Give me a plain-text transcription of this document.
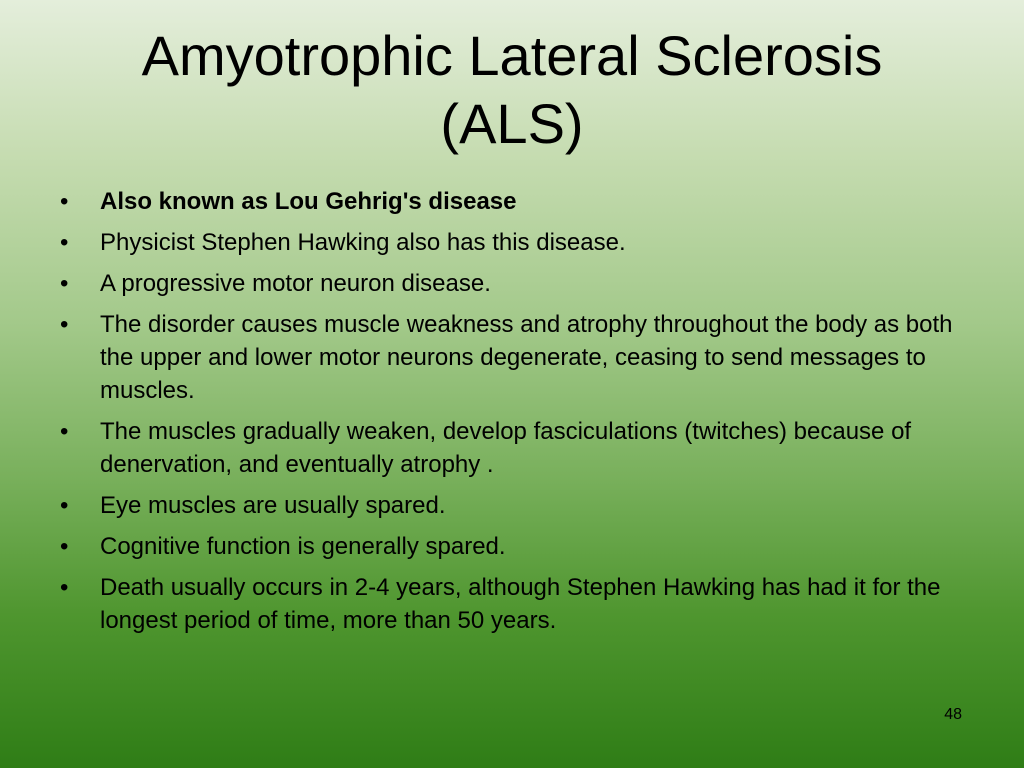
Amyotrophic Lateral Sclerosis
(ALS)
• Also known as Lou Gehrig's disease
• Physicist Stephen Hawking also has this disease.
• A progressive motor neuron disease.
• The disorder causes muscle weakness and atrophy throughout the body as both the upper and lower motor neurons degenerate, ceasing to send messages to muscles.
• The muscles gradually weaken, develop fasciculations (twitches) because of denervation, and eventually atrophy .
• Eye muscles are usually spared.
• Cognitive function is generally spared.
• Death usually occurs in 2-4 years, although Stephen Hawking has had it for the longest period of time, more than 50 years.
48
